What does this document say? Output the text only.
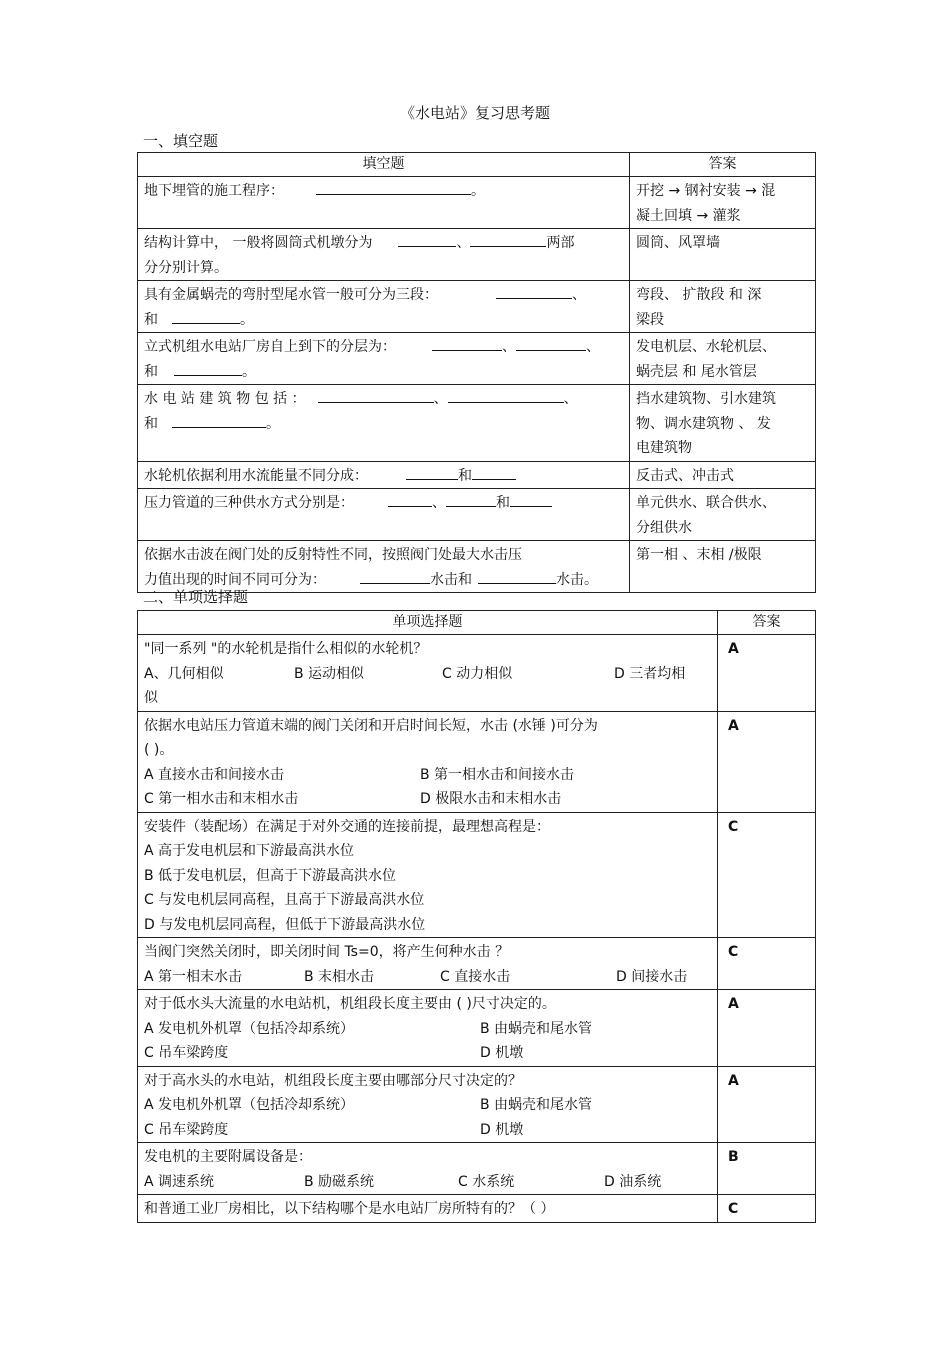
《水电站》复习思考题
一、填空题
填空题	答案
地下埋管的施工程序： 。	开挖 → 钢衬安装 → 混
凝土回填 → 灌浆

结构计算中， 一般将圆筒式机墩分为 、 两部
分分别计算。	圆筒、风罩墙

具有金属蜗壳的弯肘型尾水管一般可分为三段： 、
和 。	弯段、 扩散段 和 深
梁段

立式机组水电站厂房自上到下的分层为： 、 、
和 。	发电机层、水轮机层、
蜗壳层 和 尾水管层

水 电 站 建 筑 物 包 括 ： 、 、
和 。	挡水建筑物、引水建筑
物、调水建筑物 、 发
电建筑物

水轮机依据利用水流能量不同分成： 和	反击式、冲击式

压力管道的三种供水方式分别是： 、 和	单元供水、联合供水、
分组供水

依据水击波在阀门处的反射特性不同，按照阀门处最大水击压
力值出现的时间不同可分为： 水击和 水击。	第一相 、末相 /极限
二、单项选择题
单项选择题	答案

"同一系列 "的水轮机是指什么相似的水轮机？
A、几何相似 B 运动相似 C 动力相似 D 三者均相
似	A

依据水电站压力管道末端的阀门关闭和开启时间长短，水击 (水锤 )可分为
( )。
A 直接水击和间接水击 B 第一相水击和间接水击
C 第一相水击和末相水击 D 极限水击和末相水击	A

安装件（装配场）在满足于对外交通的连接前提，最理想高程是：
A 高于发电机层和下游最高洪水位
B 低于发电机层，但高于下游最高洪水位
C 与发电机层同高程，且高于下游最高洪水位
D 与发电机层同高程，但低于下游最高洪水位	C

当阀门突然关闭时，即关闭时间 Ts=0，将产生何种水击 ？
A 第一相末水击 B 末相水击 C 直接水击 D 间接水击	C

对于低水头大流量的水电站机，机组段长度主要由 ( )尺寸决定的。
A 发电机外机罩（包括冷却系统） B 由蜗壳和尾水管
C 吊车梁跨度 D 机墩	A

对于高水头的水电站，机组段长度主要由哪部分尺寸决定的？
A 发电机外机罩（包括冷却系统） B 由蜗壳和尾水管
C 吊车梁跨度 D 机墩	A

发电机的主要附属设备是：
A 调速系统 B 励磁系统 C 水系统 D 油系统	B

和普通工业厂房相比，以下结构哪个是水电站厂房所特有的？（ ）	C
